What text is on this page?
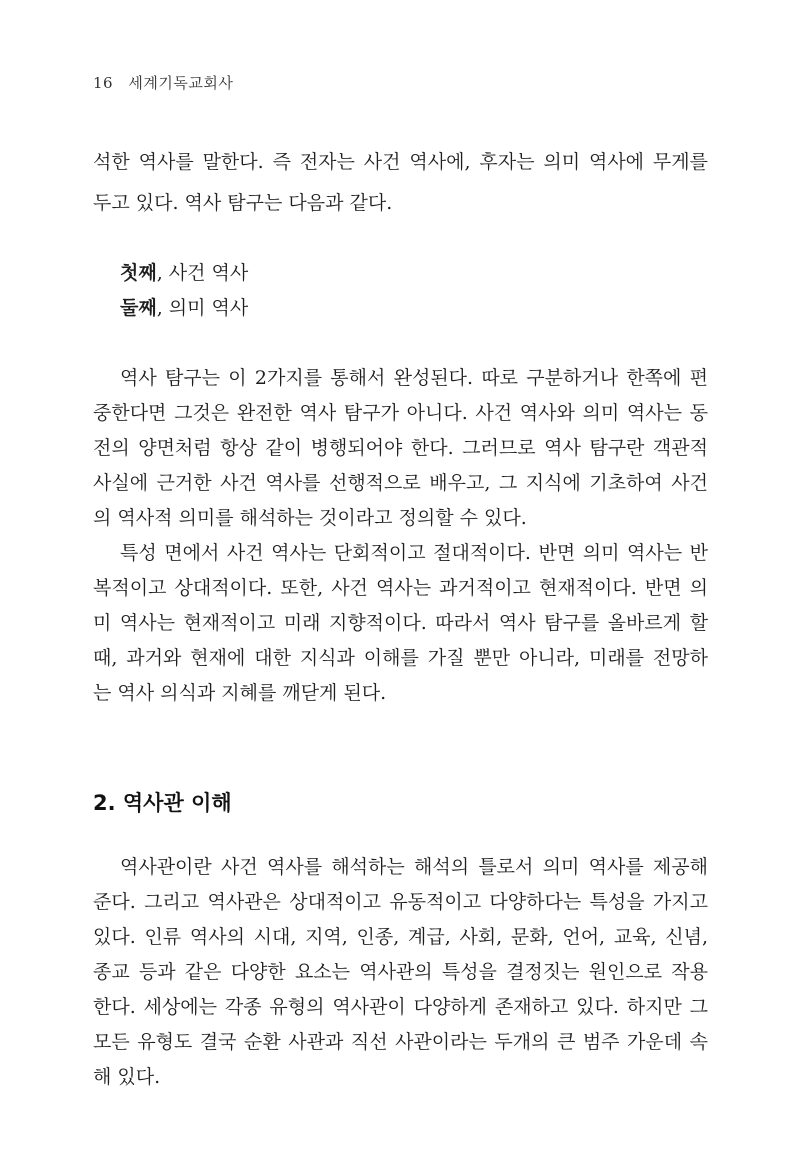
16 세계기독교회사
석한 역사를 말한다. 즉 전자는 사건 역사에, 후자는 의미 역사에 무게를
두고 있다. 역사 탐구는 다음과 같다.
첫째, 사건 역사
둘째, 의미 역사
역사 탐구는 이 2가지를 통해서 완성된다. 따로 구분하거나 한쪽에 편
중한다면 그것은 완전한 역사 탐구가 아니다. 사건 역사와 의미 역사는 동
전의 양면처럼 항상 같이 병행되어야 한다. 그러므로 역사 탐구란 객관적
사실에 근거한 사건 역사를 선행적으로 배우고, 그 지식에 기초하여 사건
의 역사적 의미를 해석하는 것이라고 정의할 수 있다.
특성 면에서 사건 역사는 단회적이고 절대적이다. 반면 의미 역사는 반
복적이고 상대적이다. 또한, 사건 역사는 과거적이고 현재적이다. 반면 의
미 역사는 현재적이고 미래 지향적이다. 따라서 역사 탐구를 올바르게 할
때, 과거와 현재에 대한 지식과 이해를 가질 뿐만 아니라, 미래를 전망하
는 역사 의식과 지혜를 깨닫게 된다.
2. 역사관 이해
역사관이란 사건 역사를 해석하는 해석의 틀로서 의미 역사를 제공해
준다. 그리고 역사관은 상대적이고 유동적이고 다양하다는 특성을 가지고
있다. 인류 역사의 시대, 지역, 인종, 계급, 사회, 문화, 언어, 교육, 신념,
종교 등과 같은 다양한 요소는 역사관의 특성을 결정짓는 원인으로 작용
한다. 세상에는 각종 유형의 역사관이 다양하게 존재하고 있다. 하지만 그
모든 유형도 결국 순환 사관과 직선 사관이라는 두개의 큰 범주 가운데 속
해 있다.
